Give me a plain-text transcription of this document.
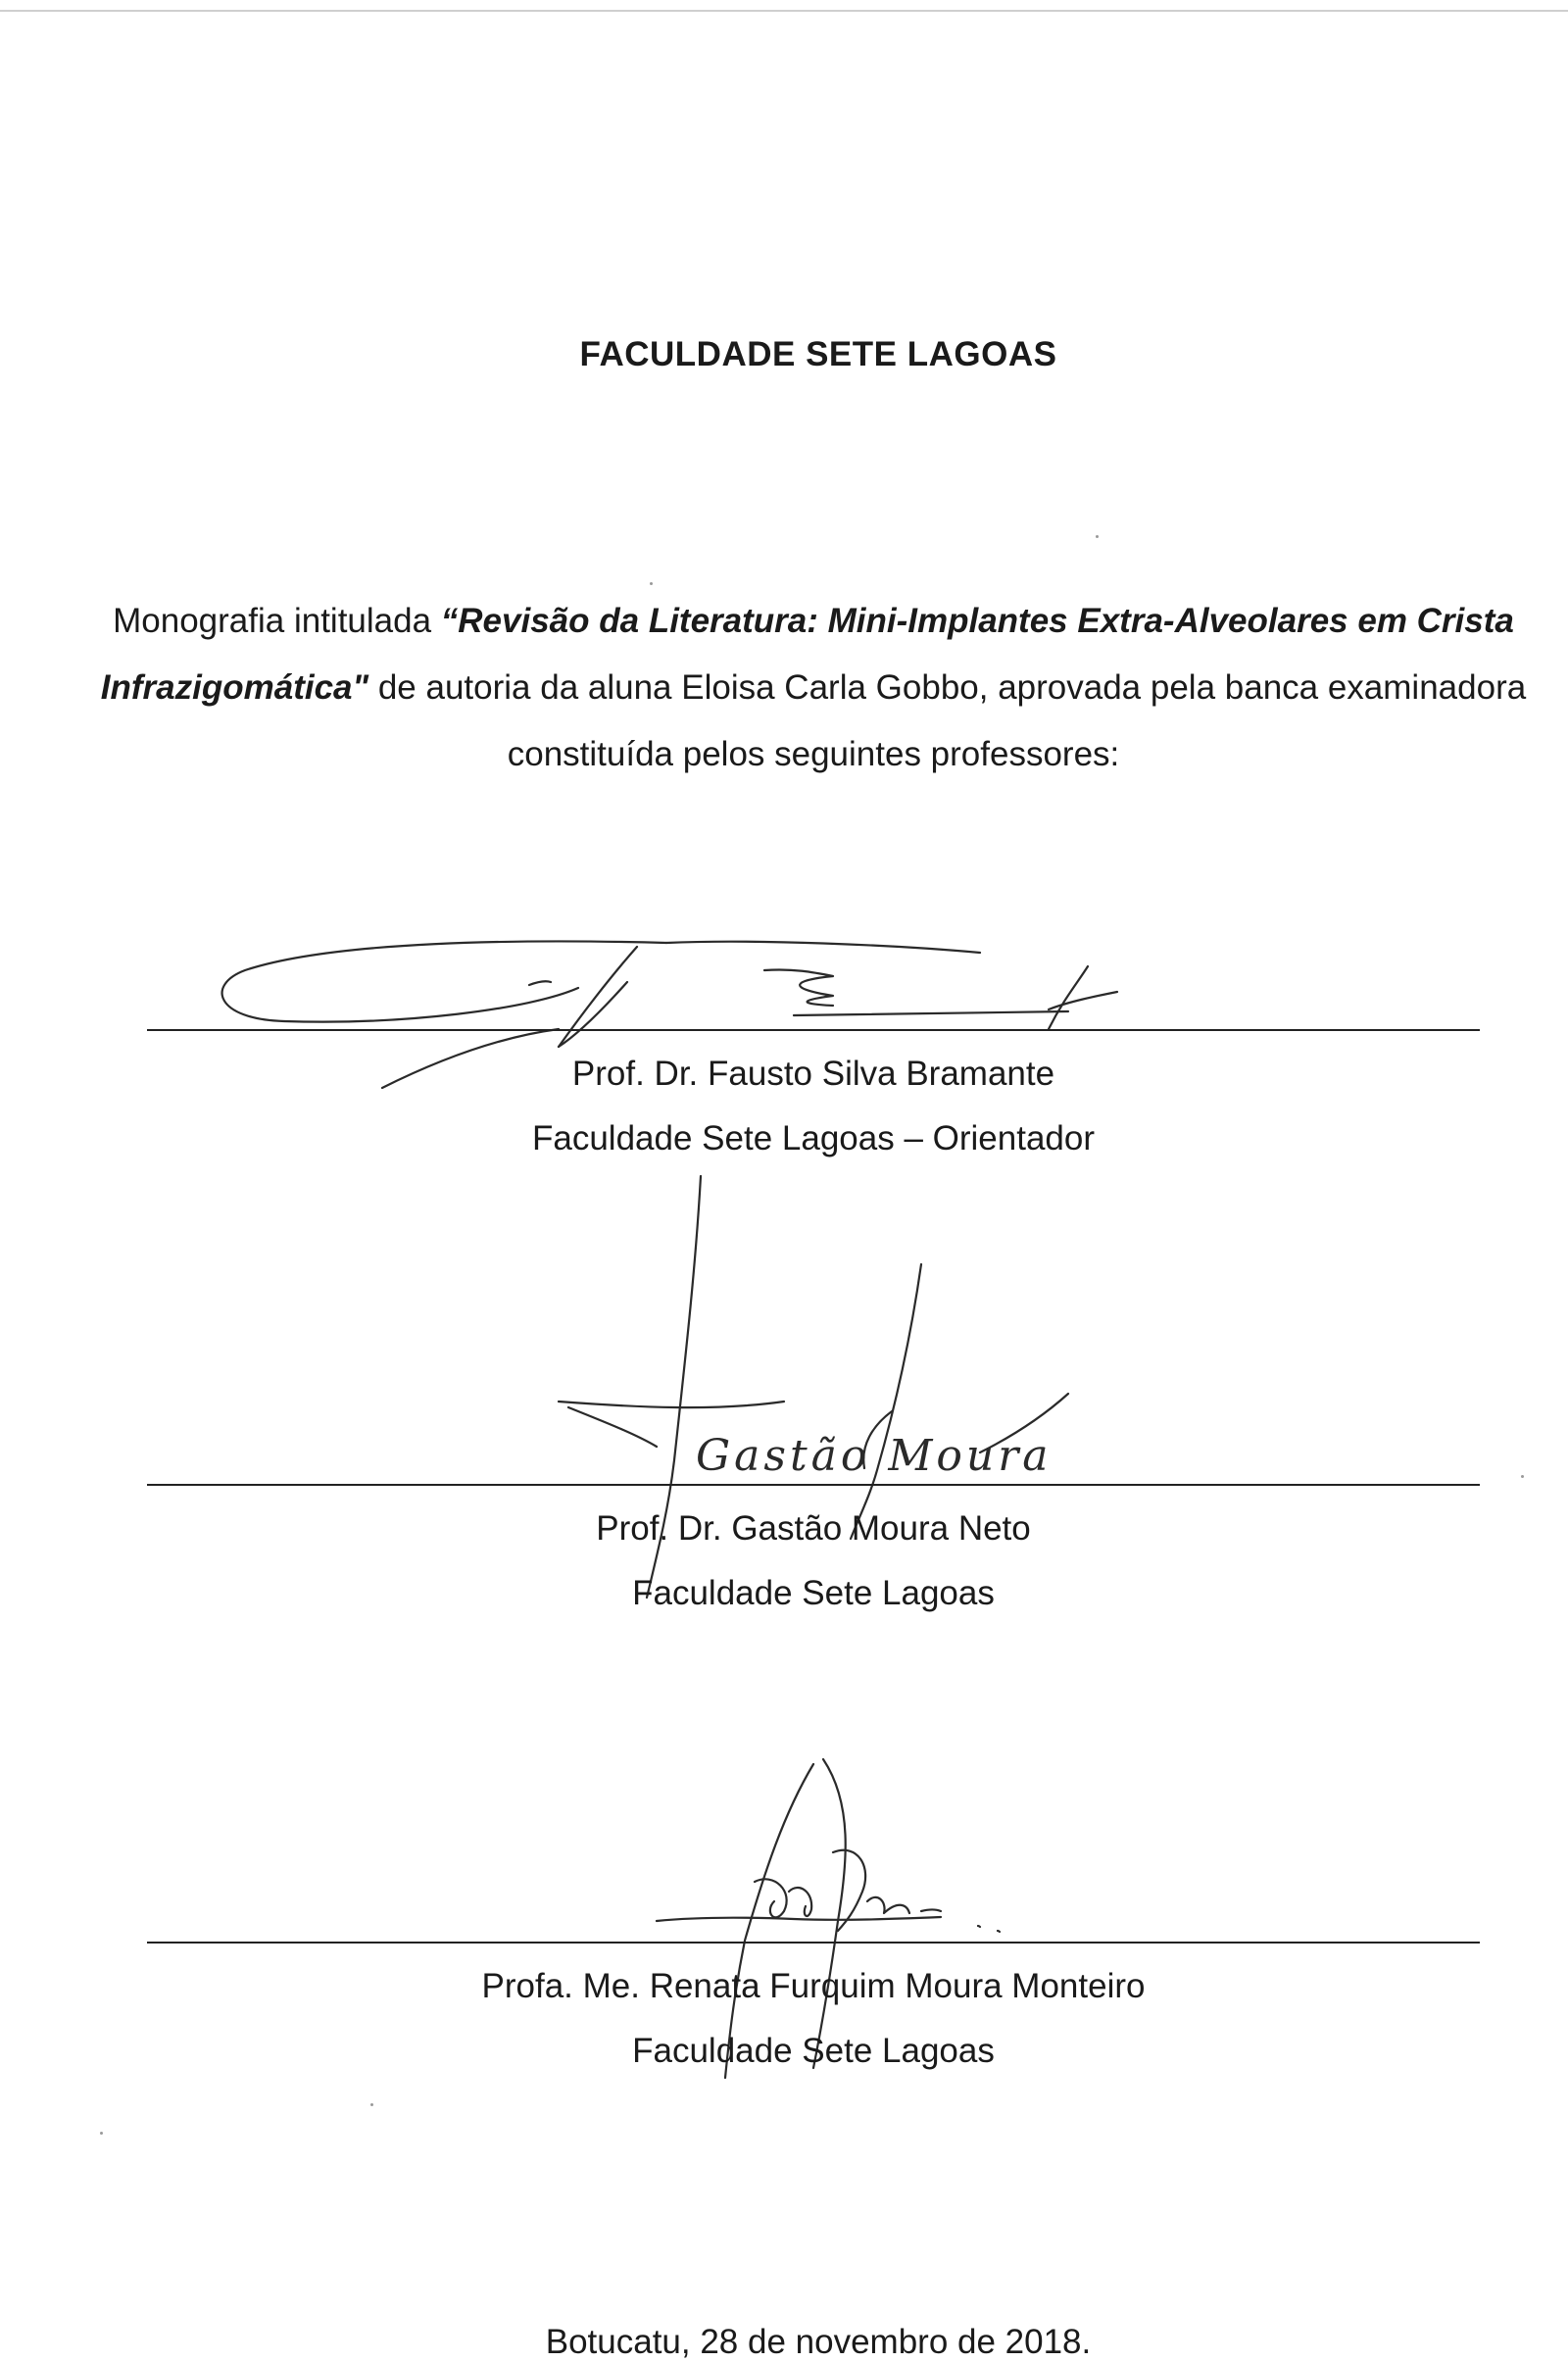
FACULDADE SETE LAGOAS
Monografia intitulada “Revisão da Literatura: Mini-Implantes Extra-Alveolares em Crista Infrazigomática" de autoria da aluna Eloisa Carla Gobbo, aprovada pela banca examinadora constituída pelos seguintes professores:
Prof. Dr. Fausto Silva Bramante
Faculdade Sete Lagoas – Orientador
Gastão Moura
Prof. Dr. Gastão Moura Neto
Faculdade Sete Lagoas
Profa. Me. Renata Furquim Moura Monteiro
Faculdade Sete Lagoas
Botucatu, 28 de novembro de 2018.
